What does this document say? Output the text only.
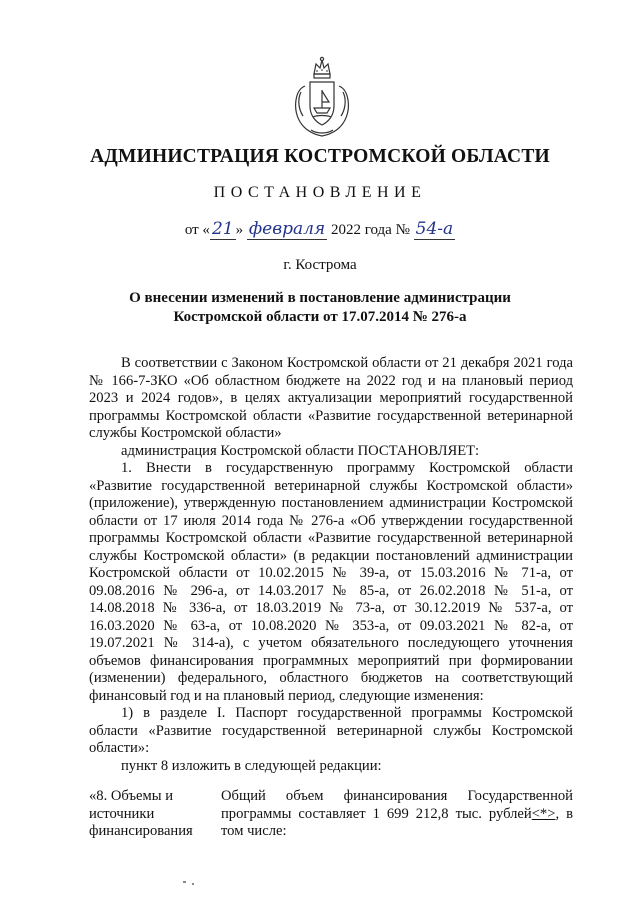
АДМИНИСТРАЦИЯ КОСТРОМСКОЙ ОБЛАСТИ
ПОСТАНОВЛЕНИЕ
от « 21 » февраля 2022 года № 54-а
г. Кострома
О внесении изменений в постановление администрации
Костромской области от 17.07.2014 № 276-а

В соответствии с Законом Костромской области от 21 декабря 2021 года № 166-7-ЗКО «Об областном бюджете на 2022 год и на плановый период 2023 и 2024 годов», в целях актуализации мероприятий государственной программы Костромской области «Развитие государственной ветеринарной службы Костромской области»

администрация Костромской области ПОСТАНОВЛЯЕТ:

1. Внести в государственную программу Костромской области «Развитие государственной ветеринарной службы Костромской области» (приложение), утвержденную постановлением администрации Костромской области от 17 июля 2014 года № 276-а «Об утверждении государственной программы Костромской области «Развитие государственной ветеринарной службы Костромской области» (в редакции постановлений администрации Костромской области от 10.02.2015 № 39-а, от 15.03.2016 № 71-а, от 09.08.2016 № 296-а, от 14.03.2017 № 85-а, от 26.02.2018 № 51-а, от 14.08.2018 № 336-а, от 18.03.2019 № 73-а, от 30.12.2019 № 537-а, от 16.03.2020 № 63-а, от 10.08.2020 № 353-а, от 09.03.2021 № 82-а, от 19.07.2021 № 314-а), с учетом обязательного последующего уточнения объемов финансирования программных мероприятий при формировании (изменении) федерального, областного бюджетов на соответствующий финансовый год и на плановый период, следующие изменения:

1) в разделе I. Паспорт государственной программы Костромской области «Развитие государственной ветеринарной службы Костромской области»:

пункт 8 изложить в следующей редакции:

«8. Объемы и
источники
финансирования
Общий объем финансирования Государственной программы составляет 1 699 212,8 тыс. рублей<*>, в том числе:
